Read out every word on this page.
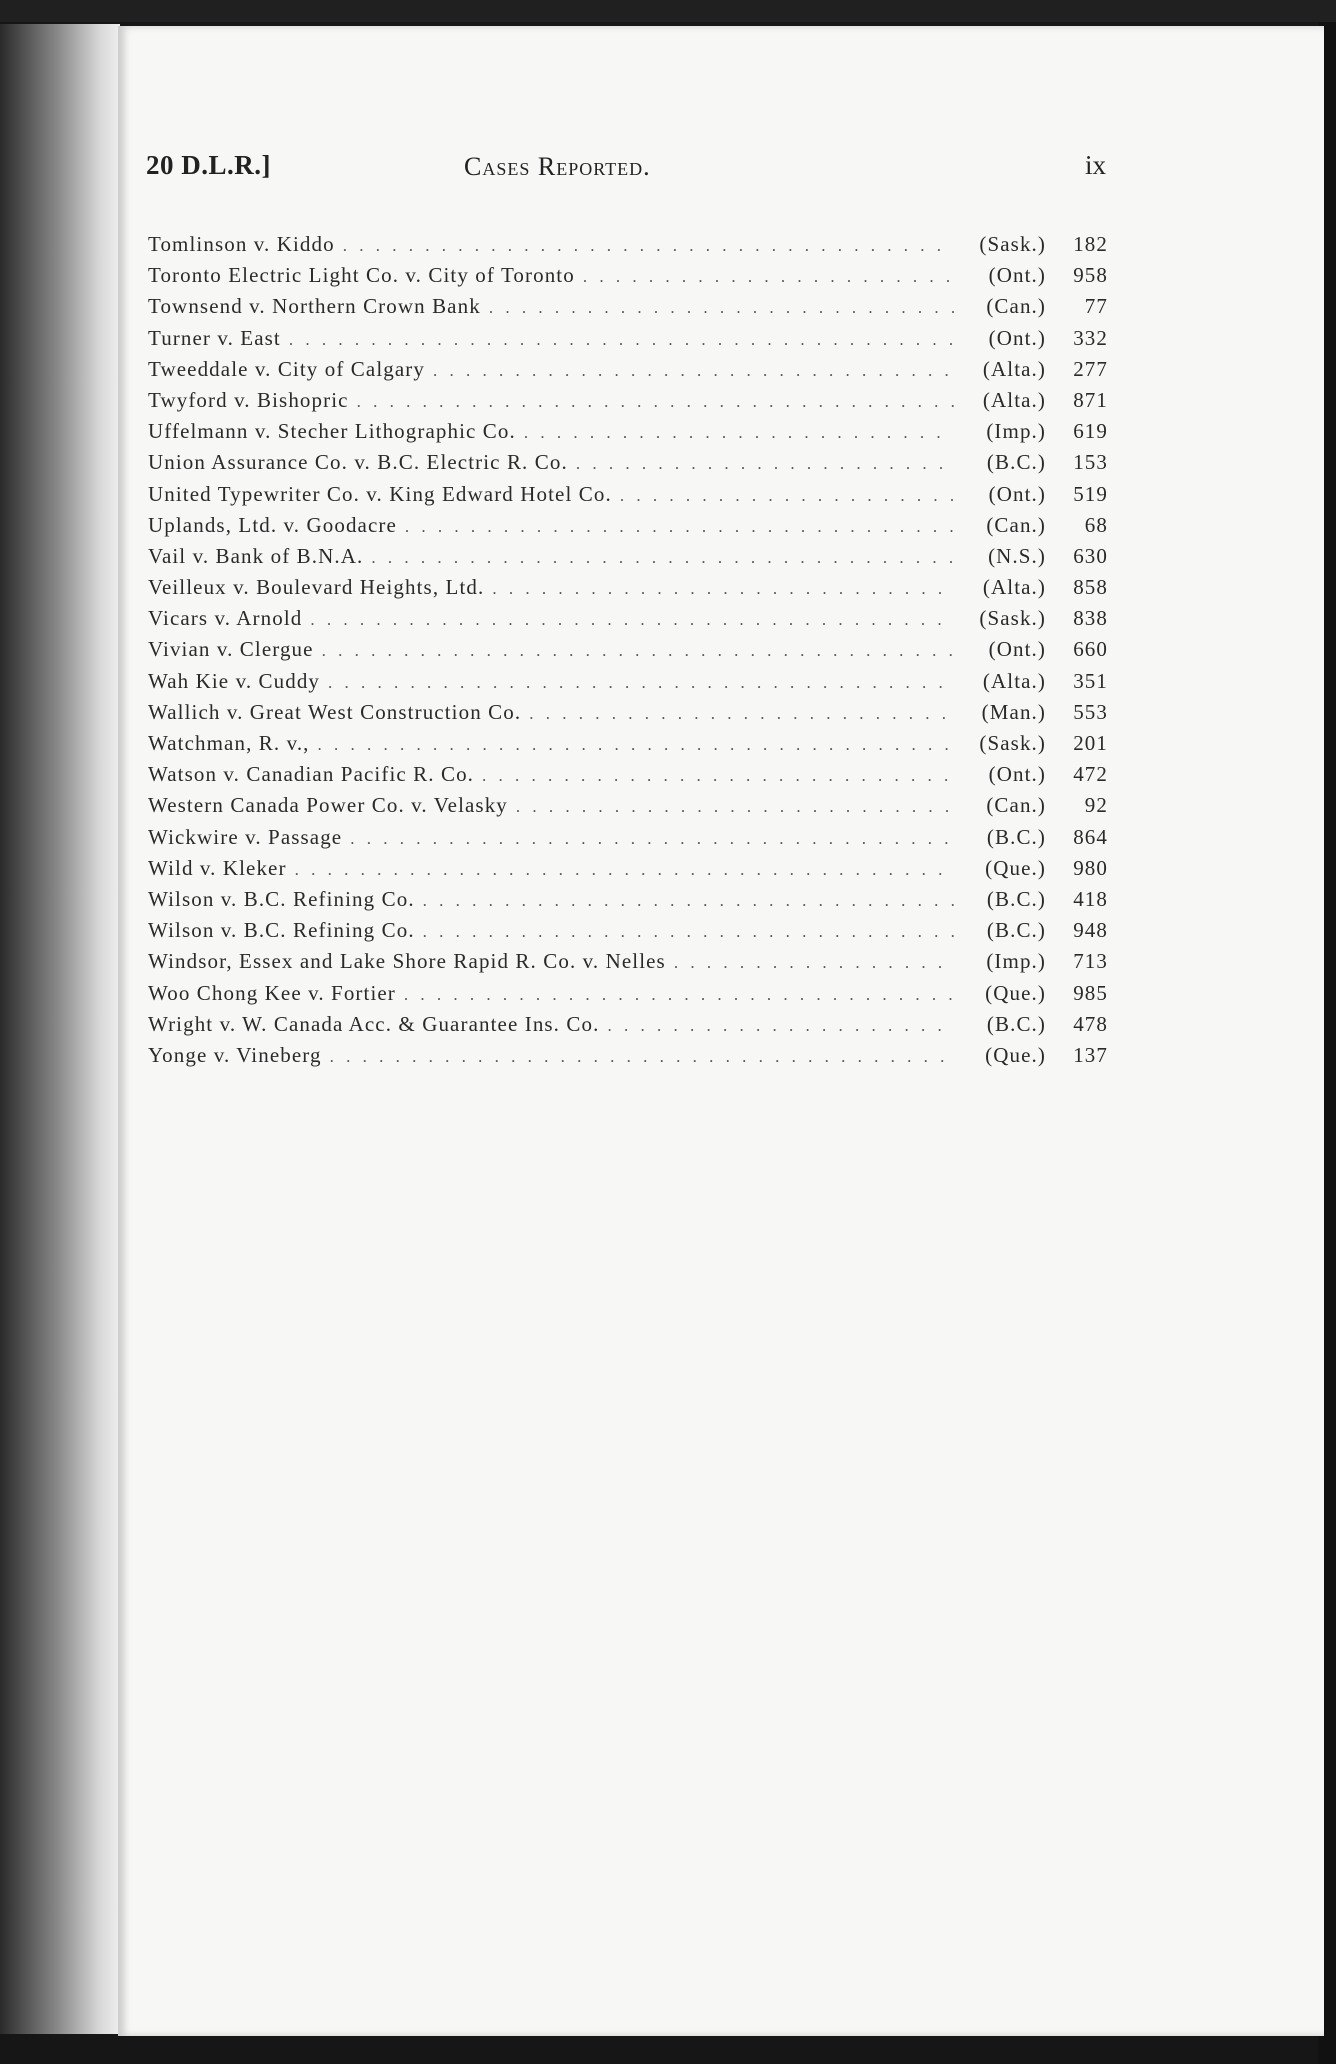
20 D.L.R.]	Cases Reported.	ix
Tomlinson v. Kiddo . . .	(Sask.)	182
Toronto Electric Light Co. v. City of Toronto . . .	(Ont.)	958
Townsend v. Northern Crown Bank . . .	(Can.)	77
Turner v. East . . .	(Ont.)	332
Tweeddale v. City of Calgary . . .	(Alta.)	277
Twyford v. Bishopric . . .	(Alta.)	871
Uffelmann v. Stecher Lithographic Co. . . .	(Imp.)	619
Union Assurance Co. v. B.C. Electric R. Co. . . .	(B.C.)	153
United Typewriter Co. v. King Edward Hotel Co. . . .	(Ont.)	519
Uplands, Ltd. v. Goodacre . . .	(Can.)	68
Vail v. Bank of B.N.A. . . .	(N.S.)	630
Veilleux v. Boulevard Heights, Ltd. . . .	(Alta.)	858
Vicars v. Arnold . . .	(Sask.)	838
Vivian v. Clergue . . .	(Ont.)	660
Wah Kie v. Cuddy . . .	(Alta.)	351
Wallich v. Great West Construction Co. . . .	(Man.)	553
Watchman, R. v., . . .	(Sask.)	201
Watson v. Canadian Pacific R. Co. . . .	(Ont.)	472
Western Canada Power Co. v. Velasky . . .	(Can.)	92
Wickwire v. Passage . . .	(B.C.)	864
Wild v. Kleker . . .	(Que.)	980
Wilson v. B.C. Refining Co. . . .	(B.C.)	418
Wilson v. B.C. Refining Co. . . .	(B.C.)	948
Windsor, Essex and Lake Shore Rapid R. Co. v. Nelles . . .	(Imp.)	713
Woo Chong Kee v. Fortier . . .	(Que.)	985
Wright v. W. Canada Acc. & Guarantee Ins. Co. . . .	(B.C.)	478
Yonge v. Vineberg . . .	(Que.)	137
